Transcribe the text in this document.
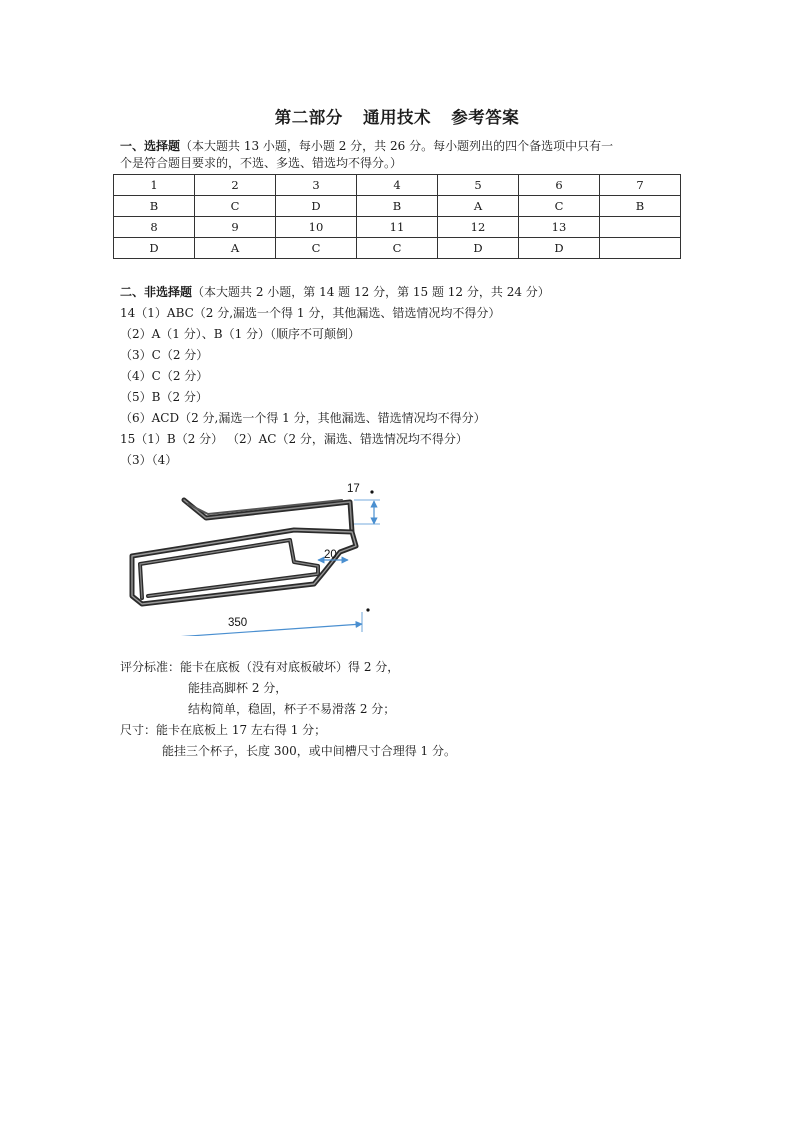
第二部分 通用技术 参考答案
一、选择题（本大题共 13 小题，每小题 2 分，共 26 分。每小题列出的四个备选项中只有一
个是符合题目要求的，不选、多选、错选均不得分。）
1	2	3	4	5	6	7
B	C	D	B	A	C	B
8	9	10	11	12	13	
D	A	C	C	D	D	
二、非选择题（本大题共 2 小题，第 14 题 12 分，第 15 题 12 分，共 24 分）
14（1）ABC（2 分,漏选一个得 1 分，其他漏选、错选情况均不得分）
（2）A（1 分）、B（1 分）（顺序不可颠倒）
（3）C（2 分）
（4）C（2 分）
（5）B（2 分）
（6）ACD（2 分,漏选一个得 1 分，其他漏选、错选情况均不得分）
15（1）B（2 分） （2）AC（2 分，漏选、错选情况均不得分）
（3）（4）
17
20
350
评分标准：能卡在底板（没有对底板破坏）得 2 分，
能挂高脚杯 2 分，
结构简单，稳固，杯子不易滑落 2 分；
尺寸：能卡在底板上 17 左右得 1 分；
能挂三个杯子，长度 300，或中间槽尺寸合理得 1 分。
